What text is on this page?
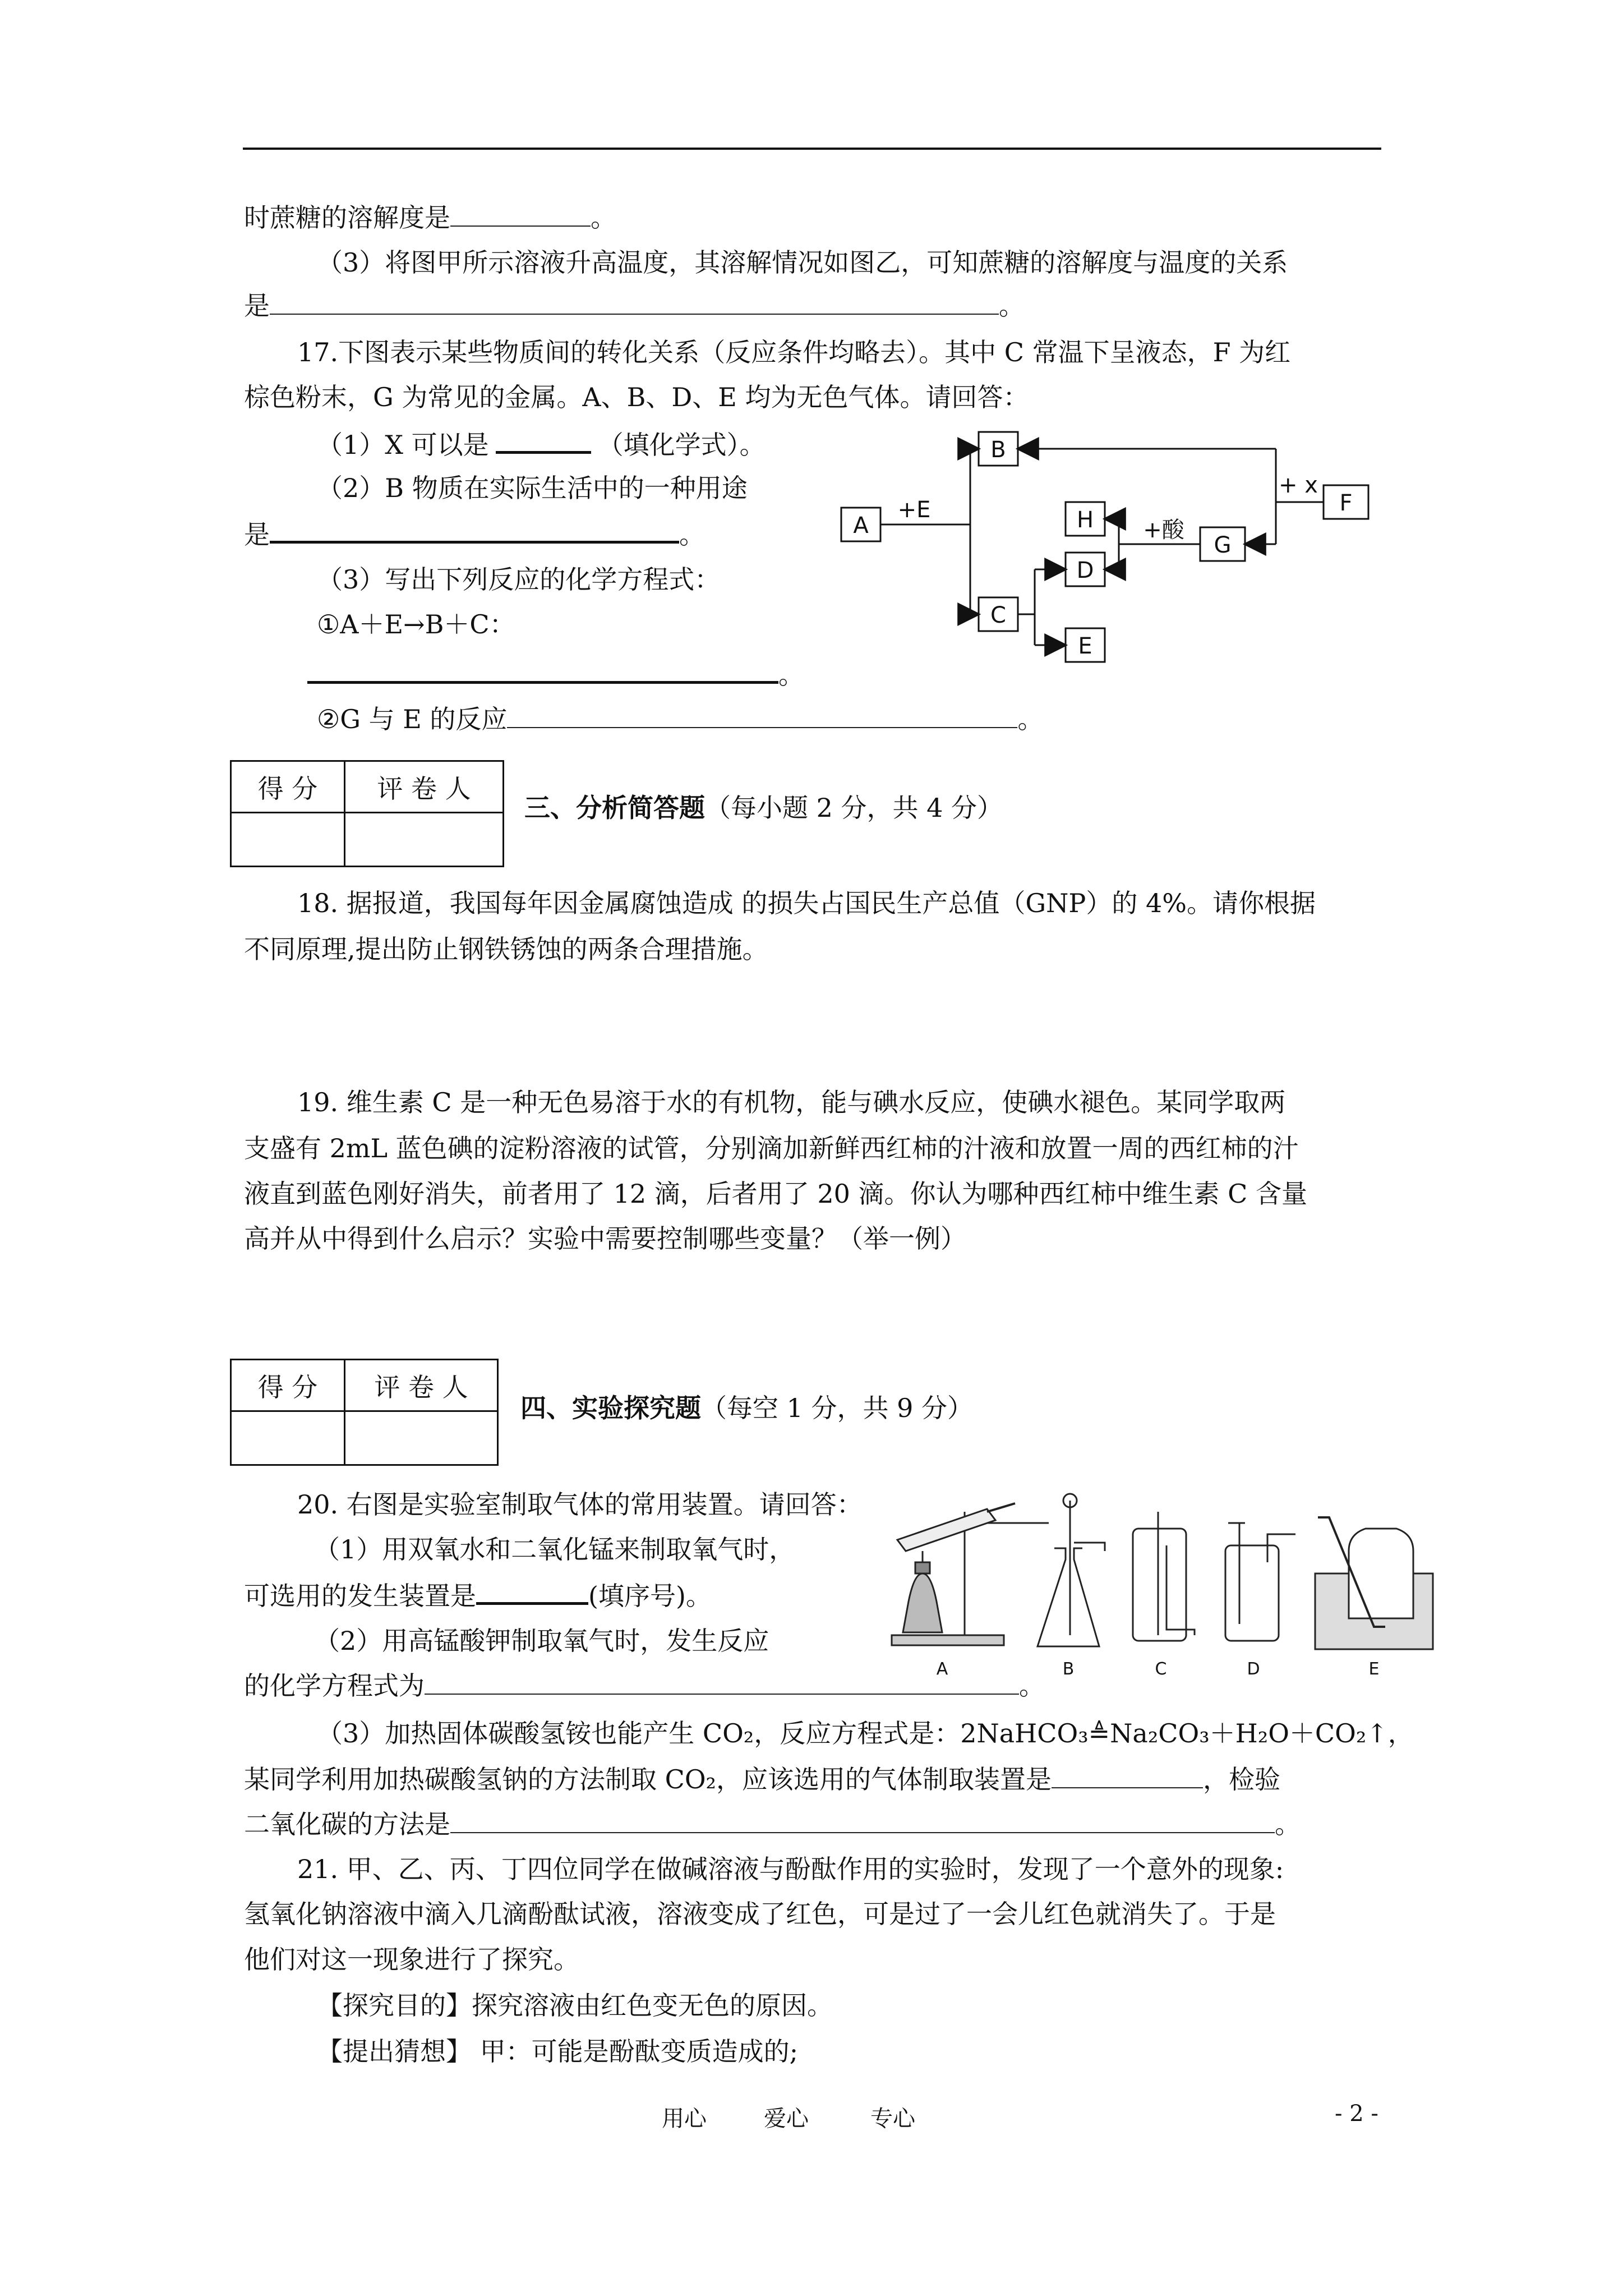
时蔗糖的溶解度是	。
（3）将图甲所示溶液升高温度，其溶解情况如图乙，可知蔗糖的溶解度与温度的关系
是	。
17.下图表示某些物质间的转化关系（反应条件均略去）。其中 C 常温下呈液态，F 为红
棕色粉末，G 为常见的金属。A、B、D、E 均为无色气体。请回答：
（1）X 可以是	（填化学式）。
（2）B 物质在实际生活中的一种用途
是	。
（3）写出下列反应的化学方程式：
①A＋E→B＋C：
。
②G 与 E 的反应	。
A
B
C
H
D
E
G
F
+E
+ x
+酸
得 分	评 卷 人

三、分析简答题（每小题 2 分，共 4 分）
18. 据报道，我国每年因金属腐蚀造成 的损失占国民生产总值（GNP）的 4%。请你根据
不同原理,提出防止钢铁锈蚀的两条合理措施。
19. 维生素 C 是一种无色易溶于水的有机物，能与碘水反应，使碘水褪色。某同学取两
支盛有 2mL 蓝色碘的淀粉溶液的试管，分别滴加新鲜西红柿的汁液和放置一周的西红柿的汁
液直到蓝色刚好消失，前者用了 12 滴，后者用了 20 滴。你认为哪种西红柿中维生素 C 含量
高并从中得到什么启示？实验中需要控制哪些变量？（举一例）
得 分	评 卷 人

四、实验探究题（每空 1 分，共 9 分）
20. 右图是实验室制取气体的常用装置。请回答：
（1）用双氧水和二氧化锰来制取氧气时，
可选用的发生装置是	(填序号)。
（2）用高锰酸钾制取氧气时，发生反应
的化学方程式为	。
（3）加热固体碳酸氢铵也能产生 CO₂，反应方程式是：2NaHCO₃≜Na₂CO₃＋H₂O＋CO₂↑，
某同学利用加热碳酸氢钠的方法制取 CO₂，应该选用的气体制取装置是	，检验
二氧化碳的方法是	。
A	B	C	D	E
21. 甲、乙、丙、丁四位同学在做碱溶液与酚酞作用的实验时，发现了一个意外的现象:
氢氧化钠溶液中滴入几滴酚酞试液，溶液变成了红色，可是过了一会儿红色就消失了。于是
他们对这一现象进行了探究。
【探究目的】探究溶液由红色变无色的原因。
【提出猜想】 甲：可能是酚酞变质造成的;
用心	爱心	专心	- 2 -
